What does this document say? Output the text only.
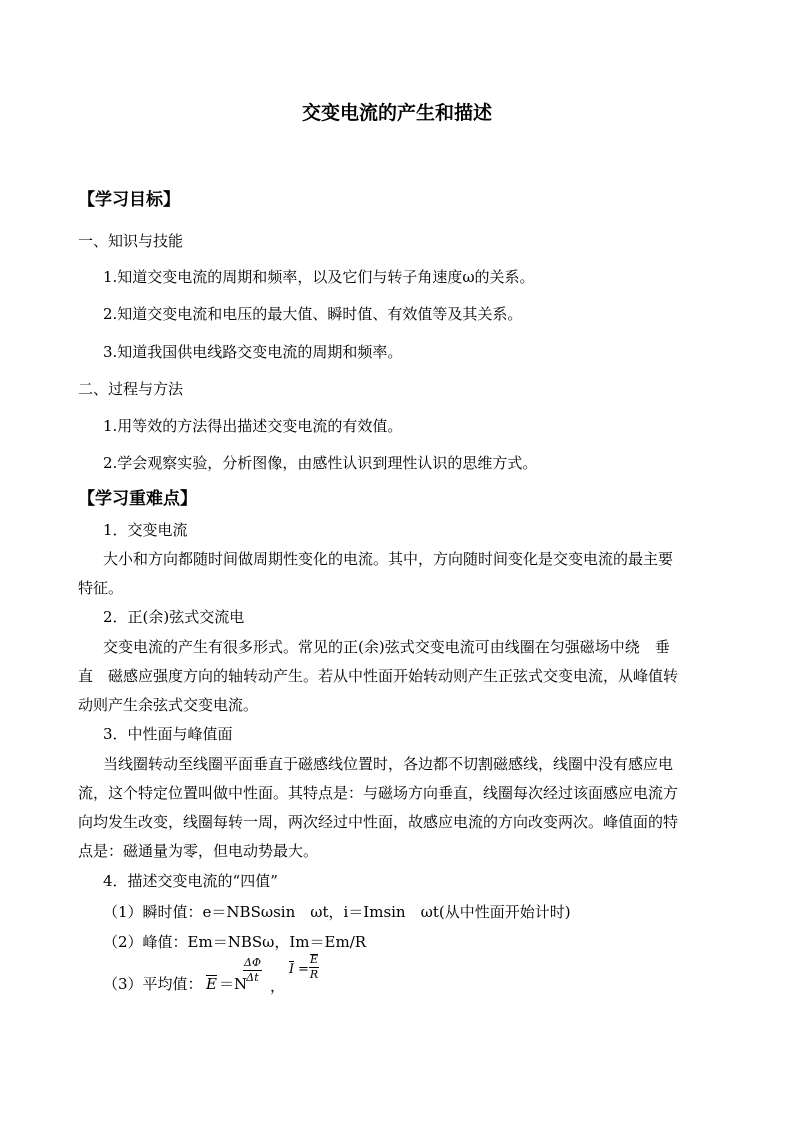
交变电流的产生和描述
【学习目标】
一、知识与技能
1.知道交变电流的周期和频率，以及它们与转子角速度ω的关系。
2.知道交变电流和电压的最大值、瞬时值、有效值等及其关系。
3.知道我国供电线路交变电流的周期和频率。
二、过程与方法
1.用等效的方法得出描述交变电流的有效值。
2.学会观察实验，分析图像，由感性认识到理性认识的思维方式。
【学习重难点】
1．交变电流
大小和方向都随时间做周期性变化的电流。其中，方向随时间变化是交变电流的最主要
特征。
2．正(余)弦式交流电
交变电流的产生有很多形式。常见的正(余)弦式交变电流可由线圈在匀强磁场中绕　垂
直　磁感应强度方向的轴转动产生。若从中性面开始转动则产生正弦式交变电流，从峰值转
动则产生余弦式交变电流。
3．中性面与峰值面
当线圈转动至线圈平面垂直于磁感线位置时，各边都不切割磁感线，线圈中没有感应电
流，这个特定位置叫做中性面。其特点是：与磁场方向垂直，线圈每次经过该面感应电流方
向均发生改变，线圈每转一周，两次经过中性面，故感应电流的方向改变两次。峰值面的特
点是：磁通量为零，但电动势最大。
4．描述交变电流的“四值”
（1）瞬时值：e＝NBSωsin　ωt，i＝Imsin　ωt(从中性面开始计时)
（2）峰值：Em＝NBSω，Im＝Em/R
（3）平均值： E ＝N
$\frac{\Delta\Phi}{\Delta t}$
，
$I = \frac{E}{R}$
